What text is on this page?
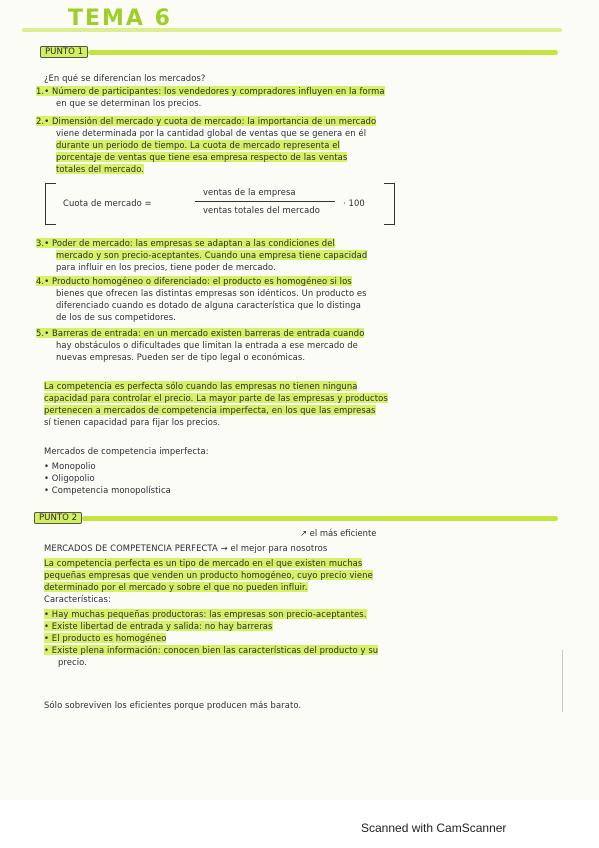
TEMA 6
PUNTO 1
¿En qué se diferencian los mercados?
1.• Número de participantes: los vendedores y compradores influyen en la forma
en que se determinan los precios.
2.• Dimensión del mercado y cuota de mercado: la importancia de un mercado
viene determinada por la cantidad global de ventas que se genera en él
durante un periodo de tiempo. La cuota de mercado representa el
porcentaje de ventas que tiene esa empresa respecto de las ventas
totales del mercado.
Cuota de mercado =
ventas de la empresa
ventas totales del mercado
· 100
3.• Poder de mercado: las empresas se adaptan a las condiciones del
mercado y son precio-aceptantes. Cuando una empresa tiene capacidad
para influir en los precios, tiene poder de mercado.
4.• Producto homogéneo o diferenciado: el producto es homogéneo si los
bienes que ofrecen las distintas empresas son idénticos. Un producto es
diferenciado cuando es dotado de alguna característica que lo distinga
de los de sus competidores.
5.• Barreras de entrada: en un mercado existen barreras de entrada cuando
hay obstáculos o dificultades que limitan la entrada a ese mercado de
nuevas empresas. Pueden ser de tipo legal o económicas.
La competencia es perfecta sólo cuando las empresas no tienen ninguna
capacidad para controlar el precio. La mayor parte de las empresas y productos
pertenecen a mercados de competencia imperfecta, en los que las empresas
sí tienen capacidad para fijar los precios.
Mercados de competencia imperfecta:
• Monopolio
• Oligopolio
• Competencia monopolística
PUNTO 2
↗ el más eficiente
MERCADOS DE COMPETENCIA PERFECTA → el mejor para nosotros
La competencia perfecta es un tipo de mercado en el que existen muchas
pequeñas empresas que venden un producto homogéneo, cuyo precio viene
determinado por el mercado y sobre el que no pueden influir.
Características:
• Hay muchas pequeñas productoras: las empresas son precio-aceptantes.
• Existe libertad de entrada y salida: no hay barreras
• El producto es homogéneo
• Existe plena información: conocen bien las características del producto y su
precio.
Sólo sobreviven los eficientes porque producen más barato.
Scanned with CamScanner
